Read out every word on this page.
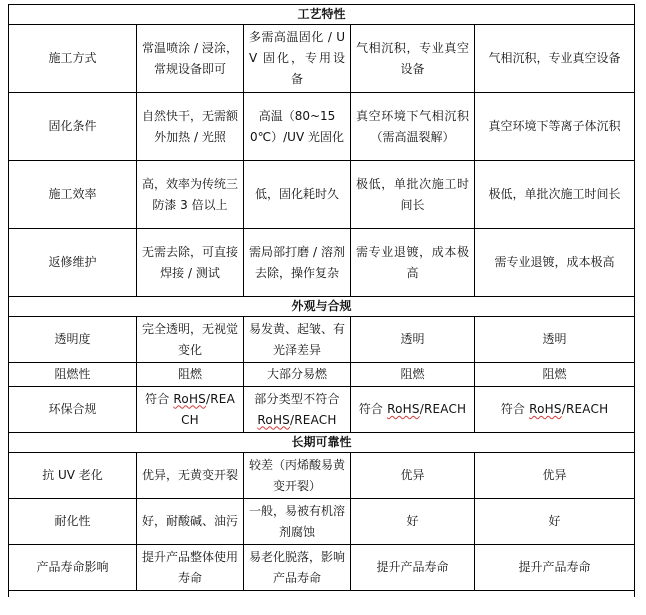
工艺特性				
施工方式	常温喷涂 / 浸涂，常规设备即可	多需高温固化 / UV 固化，专用设备	气相沉积，专业真空设备	气相沉积，专业真空设备
固化条件	自然快干，无需额外加热 / 光照	高温（80~150℃）/UV 光固化	真空环境下气相沉积（需高温裂解）	真空环境下等离子体沉积
施工效率	高，效率为传统三防漆 3 倍以上	低，固化耗时久	极低，单批次施工时间长	极低，单批次施工时间长
返修维护	无需去除，可直接焊接 / 测试	需局部打磨 / 溶剂去除，操作复杂	需专业退镀，成本极高	需专业退镀，成本极高
外观与合规				
透明度	完全透明，无视觉变化	易发黄、起皱、有光泽差异	透明	透明
阻燃性	阻燃	大部分易燃	阻燃	阻燃
环保合规	符合 RoHS/REACH	部分类型不符合 RoHS/REACH	符合 RoHS/REACH	符合 RoHS/REACH
长期可靠性				
抗 UV 老化	优异，无黄变开裂	较差（丙烯酸易黄变开裂）	优异	优异
耐化性	好，耐酸碱、油污	一般，易被有机溶剂腐蚀	好	好
产品寿命影响	提升产品整体使用寿命	易老化脱落，影响产品寿命	提升产品寿命	提升产品寿命
